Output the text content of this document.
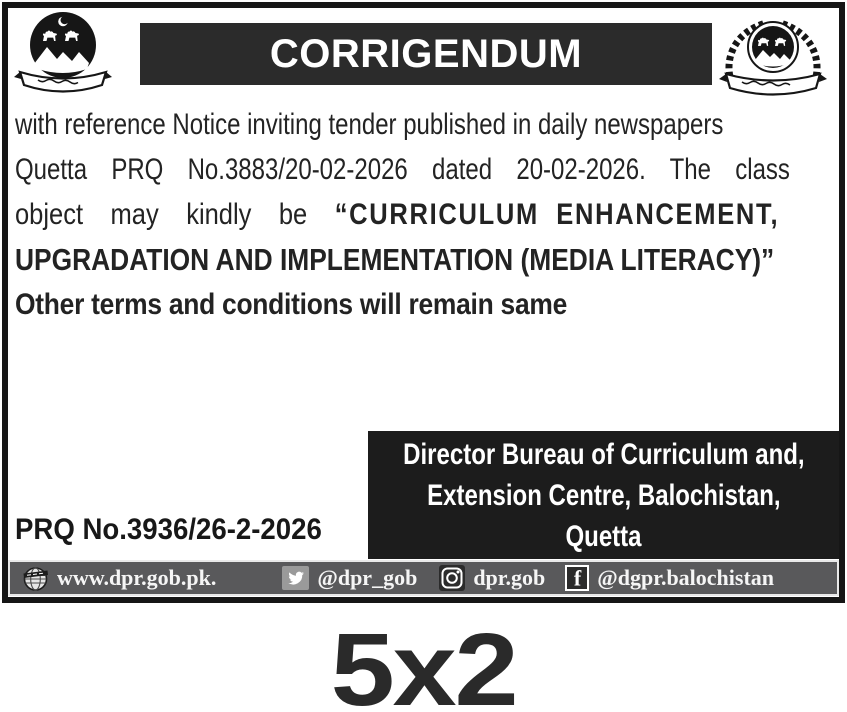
CORRIGENDUM
with reference Notice inviting tender published in daily newspapers
Quetta PRQ No.3883/20-02-2026 dated 20-02-2026. The class
object may kindly be “CURRICULUM ENHANCEMENT,
UPGRADATION AND IMPLEMENTATION (MEDIA LITERACY)”
Other terms and conditions will remain same
Director Bureau of Curriculum and,
Extension Centre, Balochistan,
Quetta
PRQ No.3936/26-2-2026
www.dpr.gob.pk.	@dpr_gob	dpr.gob f @dgpr.balochistan
5x2
